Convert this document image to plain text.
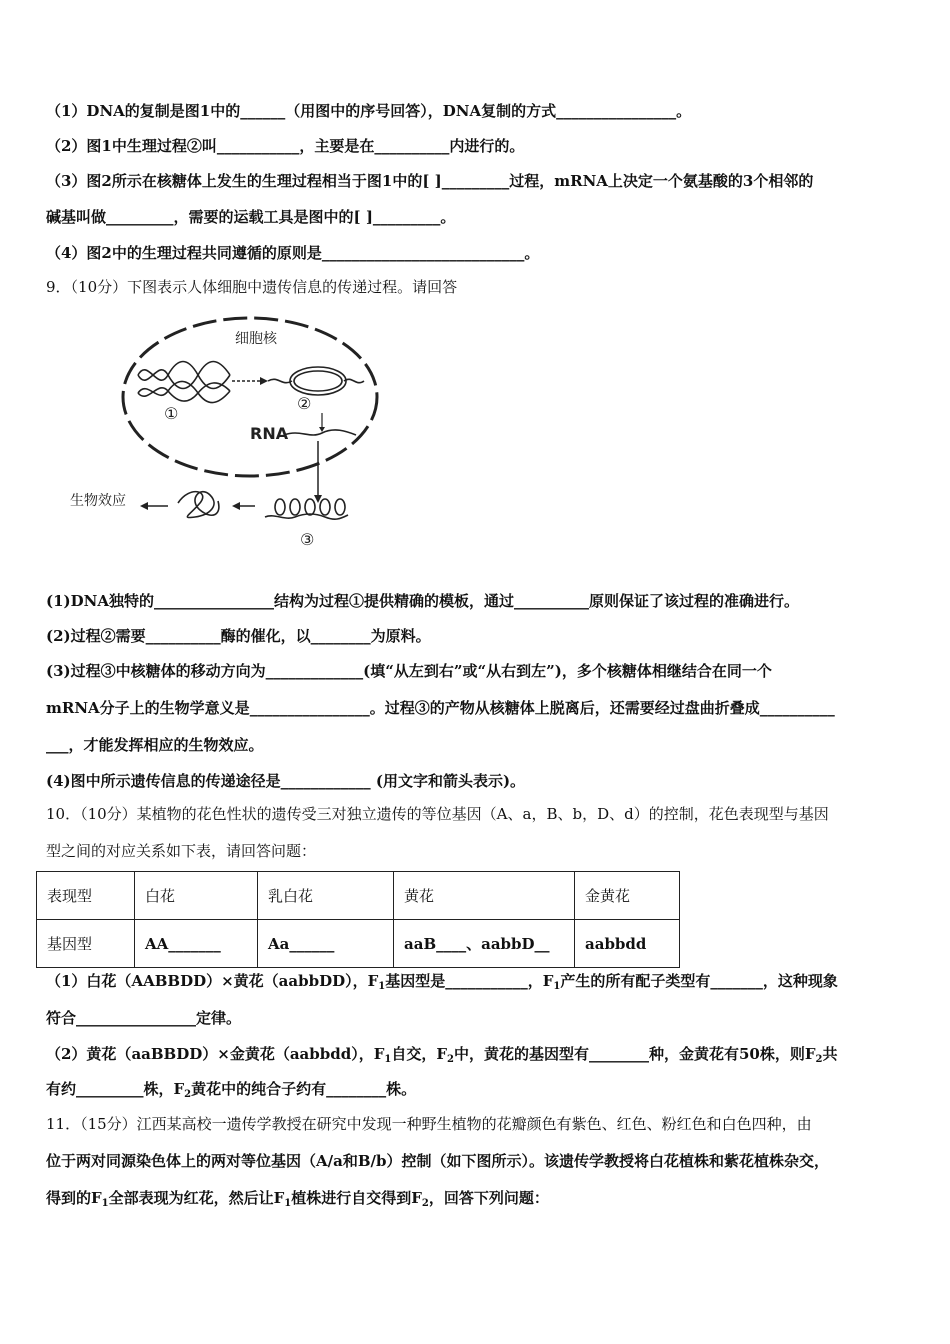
（1）DNA的复制是图1中的______（用图中的序号回答），DNA复制的方式________________。
（2）图1中生理过程②叫___________，主要是在__________内进行的。
（3）图2所示在核糖体上发生的生理过程相当于图1中的[ ]_________过程，mRNA上决定一个氨基酸的3个相邻的
碱基叫做_________，需要的运载工具是图中的[ ]_________。
（4）图2中的生理过程共同遵循的原则是___________________________。
9．（10分）下图表示人体细胞中遗传信息的传递过程。请回答
细胞核
①
②
RNA
③
生物效应
(1)DNA独特的________________结构为过程①提供精确的模板，通过__________原则保证了该过程的准确进行。
(2)过程②需要__________酶的催化，以________为原料。
(3)过程③中核糖体的移动方向为_____________(填“从左到右”或“从右到左”)，多个核糖体相继结合在同一个
mRNA分子上的生物学意义是________________。过程③的产物从核糖体上脱离后，还需要经过盘曲折叠成__________
___，才能发挥相应的生物效应。
(4)图中所示遗传信息的传递途径是____________ (用文字和箭头表示)。
10．（10分）某植物的花色性状的遗传受三对独立遗传的等位基因（A、a，B、b，D、d）的控制，花色表现型与基因
型之间的对应关系如下表，请回答问题：
表现型	白花	乳白花	黄花	金黄花
基因型	AA_______	Aa______	aaB____、aabbD__	aabbdd
（1）白花（AABBDD）×黄花（aabbDD），$F_1$基因型是___________，$F_1$产生的所有配子类型有_______，这种现象
符合________________定律。
（2）黄花（aaBBDD）×金黄花（aabbdd），$F_1$自交，$F_2$中，黄花的基因型有________种，金黄花有50株，则$F_2$共
有约_________株，$F_2$黄花中的纯合子约有________株。
11．（15分）江西某高校一遗传学教授在研究中发现一种野生植物的花瓣颜色有紫色、红色、粉红色和白色四种，由
位于两对同源染色体上的两对等位基因（A/a和B/b）控制（如下图所示）。该遗传学教授将白花植株和紫花植株杂交，
得到的$F_1$全部表现为红花，然后让$F_1$植株进行自交得到$F_2$，回答下列问题：
